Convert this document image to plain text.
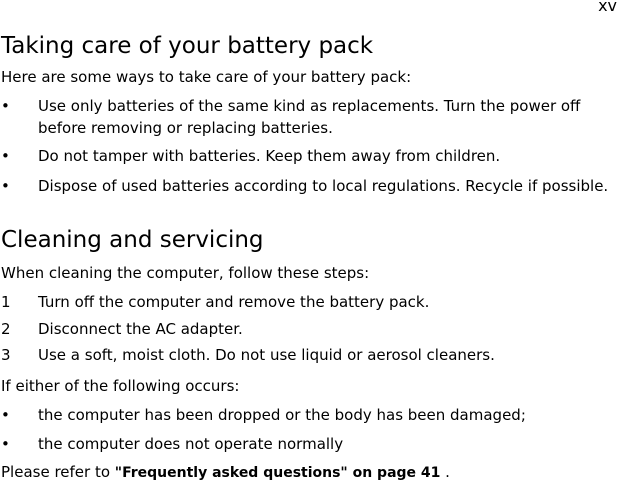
xv
Taking care of your battery pack

Here are some ways to take care of your battery pack:

•	Use only batteries of the same kind as replacements. Turn the power off before removing or replacing batteries.
•	Do not tamper with batteries. Keep them away from children.
•	Dispose of used batteries according to local regulations. Recycle if possible.
Cleaning and servicing

When cleaning the computer, follow these steps:

1	Turn off the computer and remove the battery pack.
2	Disconnect the AC adapter.
3	Use a soft, moist cloth. Do not use liquid or aerosol cleaners.

If either of the following occurs:

•	the computer has been dropped or the body has been damaged;
•	the computer does not operate normally

Please refer to "Frequently asked questions" on page 41 .
